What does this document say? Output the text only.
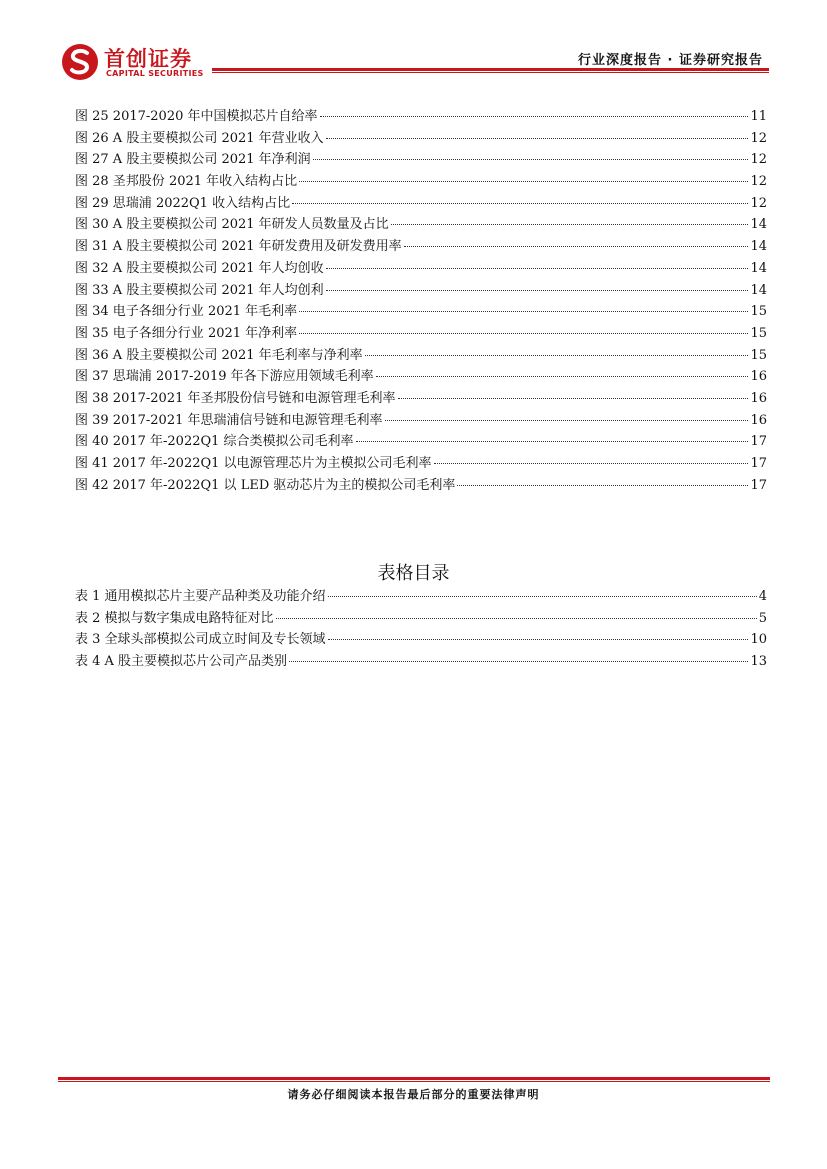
首创证券
CAPITAL SECURITIES
行业深度报告 · 证券研究报告
图 25 2017-2020 年中国模拟芯片自给率	11
图 26 A 股主要模拟公司 2021 年营业收入	12
图 27 A 股主要模拟公司 2021 年净利润	12
图 28 圣邦股份 2021 年收入结构占比	12
图 29 思瑞浦 2022Q1 收入结构占比	12
图 30 A 股主要模拟公司 2021 年研发人员数量及占比	14
图 31 A 股主要模拟公司 2021 年研发费用及研发费用率	14
图 32 A 股主要模拟公司 2021 年人均创收	14
图 33 A 股主要模拟公司 2021 年人均创利	14
图 34 电子各细分行业 2021 年毛利率	15
图 35 电子各细分行业 2021 年净利率	15
图 36 A 股主要模拟公司 2021 年毛利率与净利率	15
图 37 思瑞浦 2017-2019 年各下游应用领域毛利率	16
图 38 2017-2021 年圣邦股份信号链和电源管理毛利率	16
图 39 2017-2021 年思瑞浦信号链和电源管理毛利率	16
图 40 2017 年-2022Q1 综合类模拟公司毛利率	17
图 41 2017 年-2022Q1 以电源管理芯片为主模拟公司毛利率	17
图 42 2017 年-2022Q1 以 LED 驱动芯片为主的模拟公司毛利率	17
表格目录
表 1 通用模拟芯片主要产品种类及功能介绍	4
表 2 模拟与数字集成电路特征对比	5
表 3 全球头部模拟公司成立时间及专长领域	10
表 4 A 股主要模拟芯片公司产品类别	13
请务必仔细阅读本报告最后部分的重要法律声明
